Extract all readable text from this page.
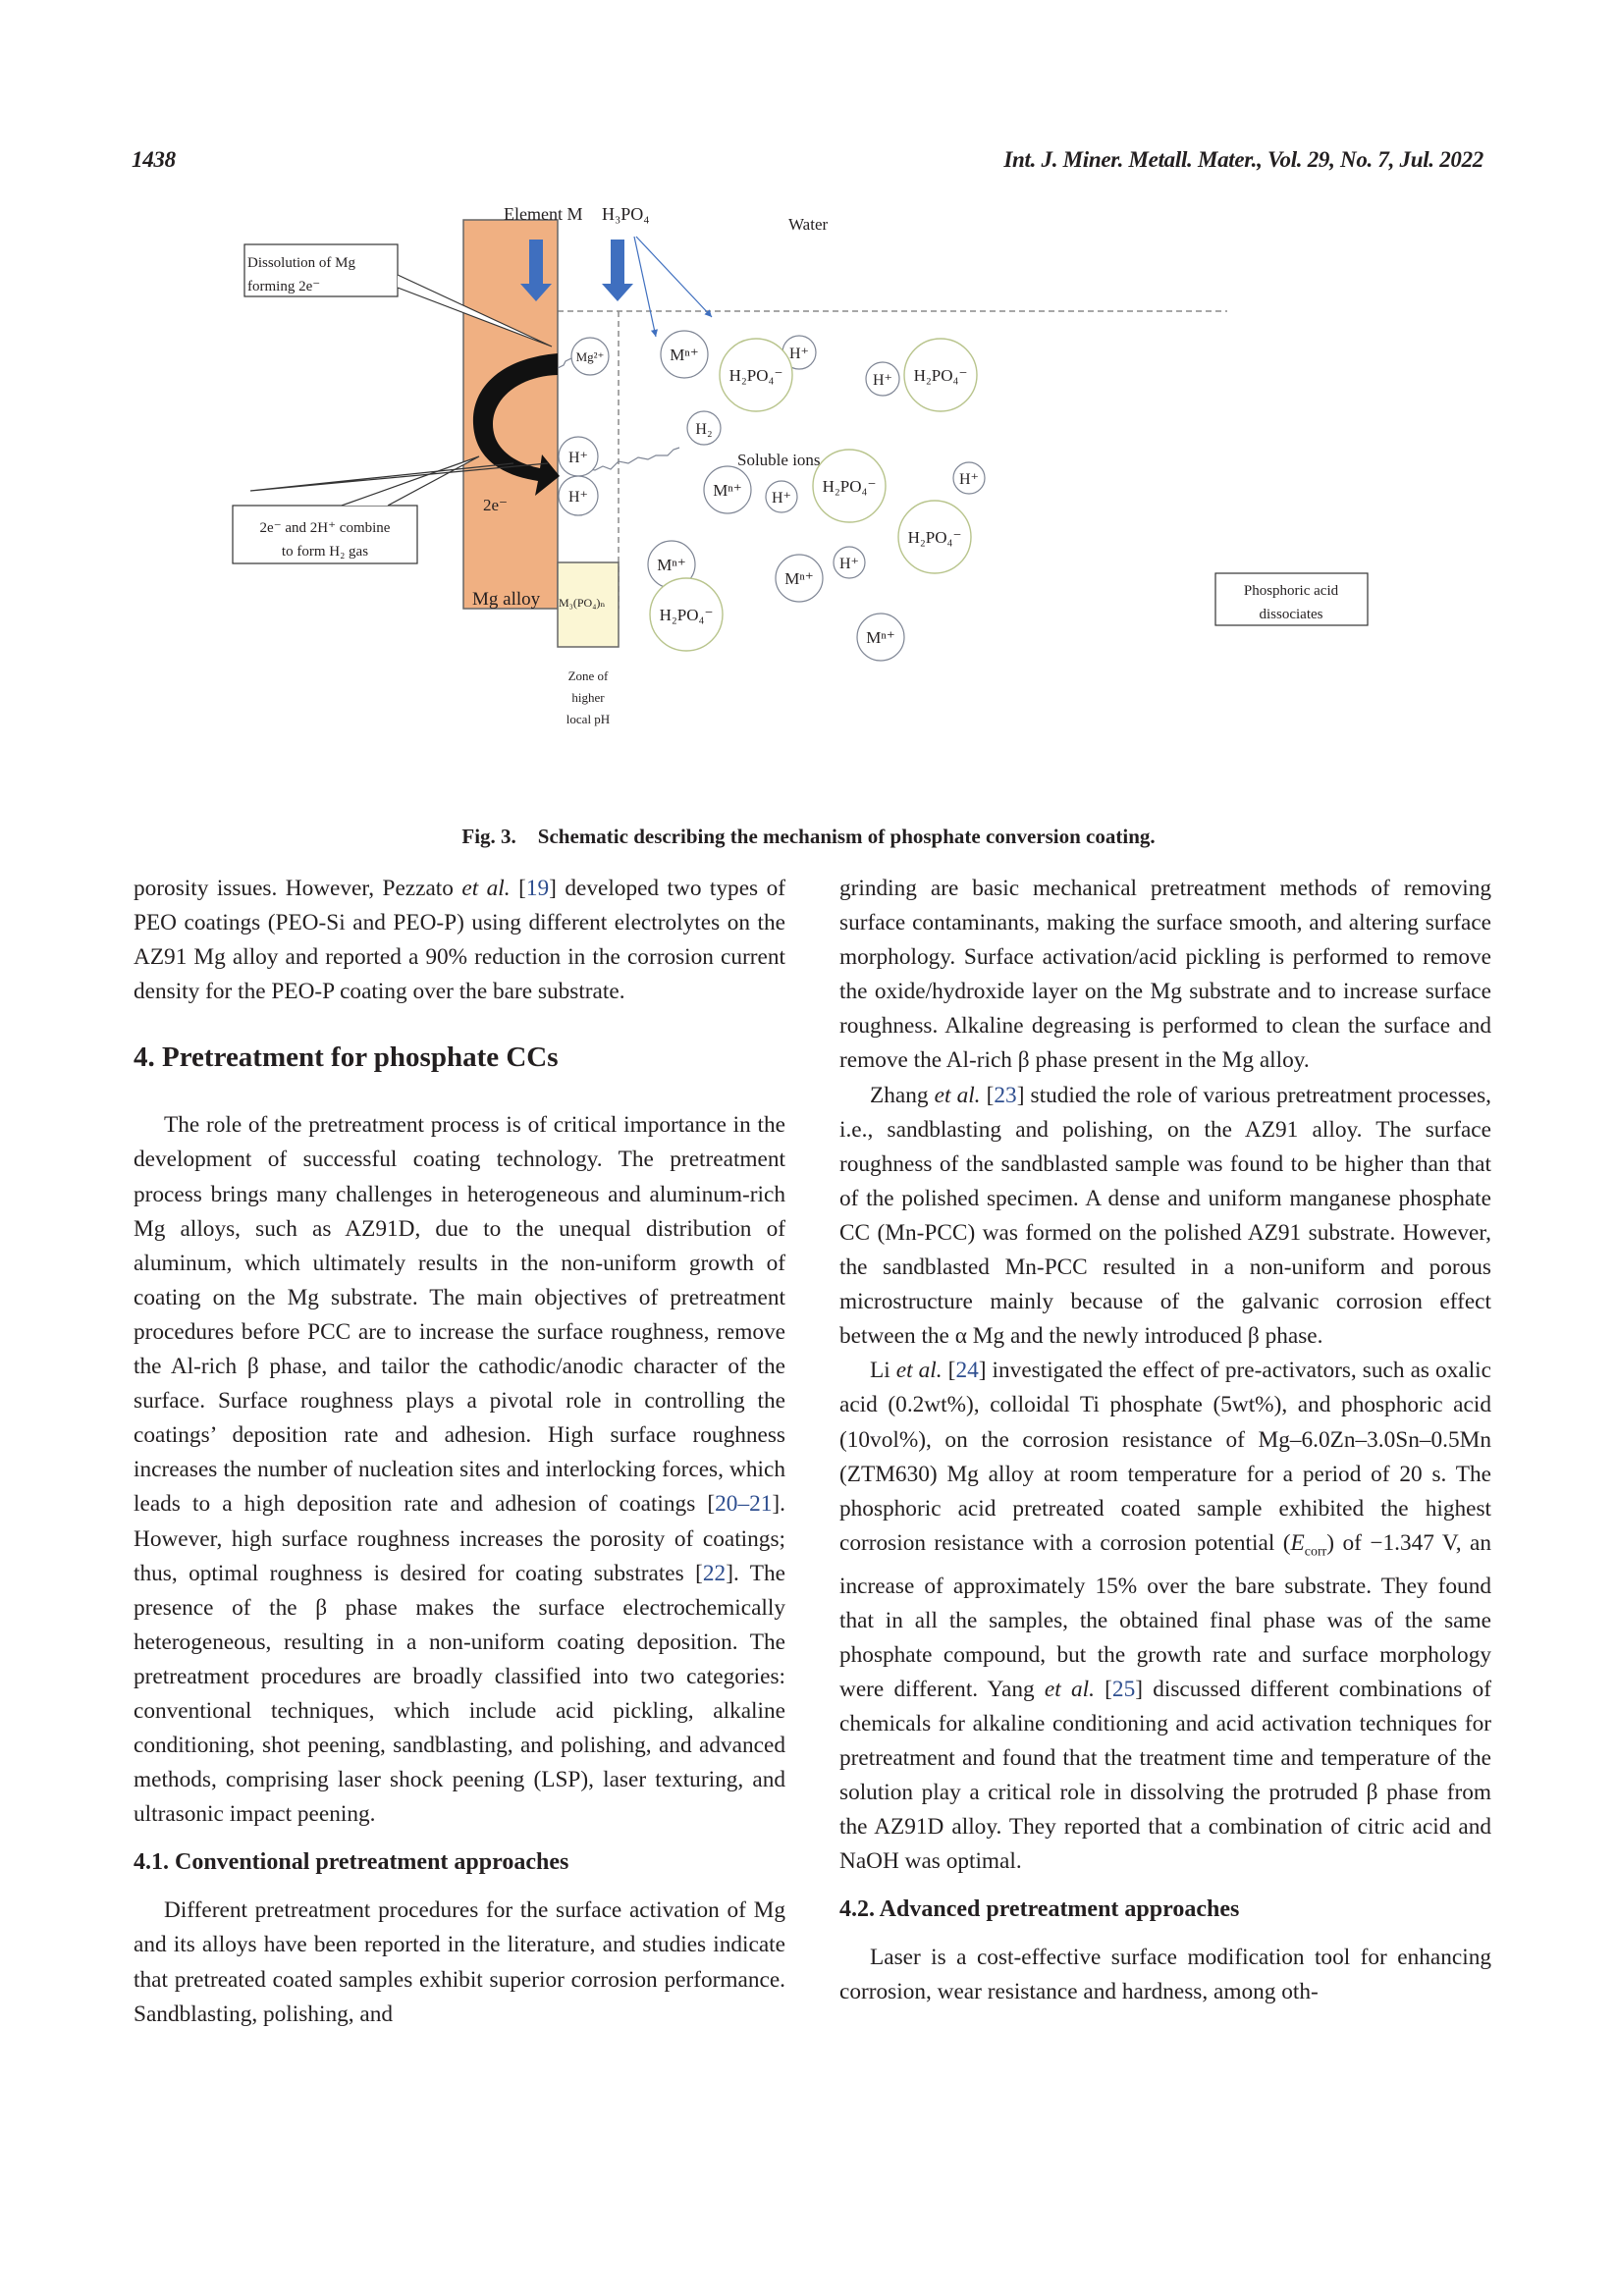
1438	Int. J. Miner. Metall. Mater., Vol. 29, No. 7, Jul. 2022
Element M H₃PO₄
Water
Soluble ions
Mg²⁺
H⁺
H⁺
2e⁻
Mg alloy M₃(PO₄)ₙ
Zone of
higher
local pH
Mⁿ⁺	H⁺
H₂PO₄⁻
H₂
H⁺ H₂PO₄⁻
Mⁿ⁺ H⁺
H₂PO₄⁻	H⁺
H₂PO₄⁻
Mⁿ⁺
Mⁿ⁺
H⁺
H₂PO₄⁻
Mⁿ⁺
Dissolution of Mg
forming 2e⁻
2e⁻ and 2H⁺ combine
to form H₂ gas
Phosphoric acid
dissociates
Fig. 3. Schematic describing the mechanism of phosphate conversion coating.

porosity issues. However, Pezzato et al. [19] developed two types of PEO coatings (PEO-Si and PEO-P) using different electrolytes on the AZ91 Mg alloy and reported a 90% reduction in the corrosion current density for the PEO-P coating over the bare substrate.

4. Pretreatment for phosphate CCs

The role of the pretreatment process is of critical importance in the development of successful coating technology. The pretreatment process brings many challenges in heterogeneous and aluminum-rich Mg alloys, such as AZ91D, due to the unequal distribution of aluminum, which ultimately results in the non-uniform growth of coating on the Mg substrate. The main objectives of pretreatment procedures before PCC are to increase the surface roughness, remove the Al-rich β phase, and tailor the cathodic/anodic character of the surface. Surface roughness plays a pivotal role in controlling the coatings’ deposition rate and adhesion. High surface roughness increases the number of nucleation sites and interlocking forces, which leads to a high deposition rate and adhesion of coatings [20–21]. However, high surface roughness increases the porosity of coatings; thus, optimal roughness is desired for coating substrates [22]. The presence of the β phase makes the surface electrochemically heterogeneous, resulting in a non-uniform coating deposition. The pretreatment procedures are broadly classified into two categories: conventional techniques, which include acid pickling, alkaline conditioning, shot peening, sandblasting, and polishing, and advanced methods, comprising laser shock peening (LSP), laser texturing, and ultrasonic impact peening.

4.1. Conventional pretreatment approaches

Different pretreatment procedures for the surface activation of Mg and its alloys have been reported in the literature, and studies indicate that pretreated coated samples exhibit superior corrosion performance. Sandblasting, polishing, and

grinding are basic mechanical pretreatment methods of removing surface contaminants, making the surface smooth, and altering surface morphology. Surface activation/acid pickling is performed to remove the oxide/hydroxide layer on the Mg substrate and to increase surface roughness. Alkaline degreasing is performed to clean the surface and remove the Al-rich β phase present in the Mg alloy.

Zhang et al. [23] studied the role of various pretreatment processes, i.e., sandblasting and polishing, on the AZ91 alloy. The surface roughness of the sandblasted sample was found to be higher than that of the polished specimen. A dense and uniform manganese phosphate CC (Mn-PCC) was formed on the polished AZ91 substrate. However, the sandblasted Mn-PCC resulted in a non-uniform and porous microstructure mainly because of the galvanic corrosion effect between the α Mg and the newly introduced β phase.

Li et al. [24] investigated the effect of pre-activators, such as oxalic acid (0.2wt%), colloidal Ti phosphate (5wt%), and phosphoric acid (10vol%), on the corrosion resistance of Mg–6.0Zn–3.0Sn–0.5Mn (ZTM630) Mg alloy at room temperature for a period of 20 s. The phosphoric acid pretreated coated sample exhibited the highest corrosion resistance with a corrosion potential $(E_{corr})$ of −1.347 V, an increase of approximately 15% over the bare substrate. They found that in all the samples, the obtained final phase was of the same phosphate compound, but the growth rate and surface morphology were different. Yang et al. [25] discussed different combinations of chemicals for alkaline conditioning and acid activation techniques for pretreatment and found that the treatment time and temperature of the solution play a critical role in dissolving the protruded β phase from the AZ91D alloy. They reported that a combination of citric acid and NaOH was optimal.

4.2. Advanced pretreatment approaches

Laser is a cost-effective surface modification tool for enhancing corrosion, wear resistance and hardness, among oth-
